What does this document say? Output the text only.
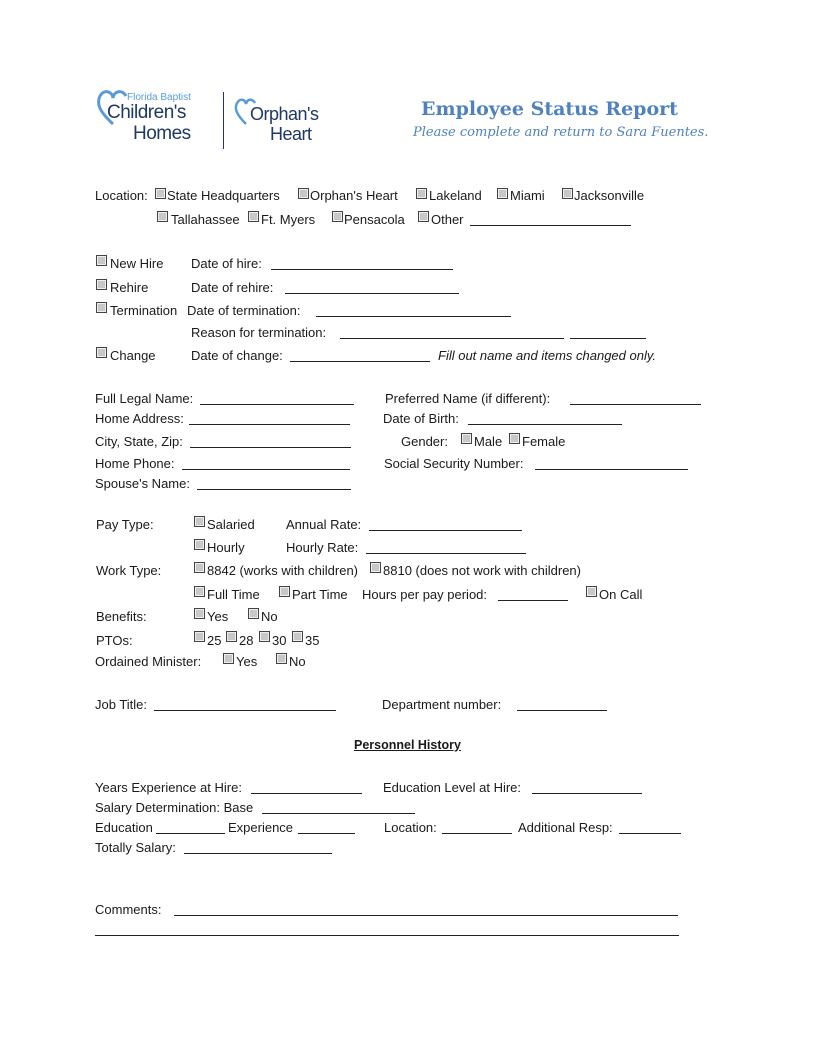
Florida Baptist
Children's
Homes
Orphan's
Heart
Employee Status Report
Please complete and return to Sara Fuentes.
Location: State Headquarters Orphan's Heart Lakeland Miami Jacksonville
Tallahassee Ft. Myers Pensacola Other
New Hire Date of hire:
Rehire	Date of rehire:
Termination Date of termination:
Reason for termination:
Change	Date of change:	Fill out name and items changed only.
Full Legal Name:	Preferred Name (if different):
Home Address:	Date of Birth:
City, State, Zip:	Gender: Male Female
Home Phone:	Social Security Number:
Spouse's Name:
Pay Type:	Salaried Annual Rate:
Hourly	Hourly Rate:
Work Type:	8842 (works with children) 8810 (does not work with children)
Full Time Part Time Hours per pay period:	On Call
Benefits:	Yes	No
PTOs:	25 28 30 35
Ordained Minister:	Yes No
Job Title:	Department number:
Personnel History
Years Experience at Hire:	Education Level at Hire:
Salary Determination: Base
Education	Experience	Location:	Additional Resp:
Totally Salary:
Comments:
